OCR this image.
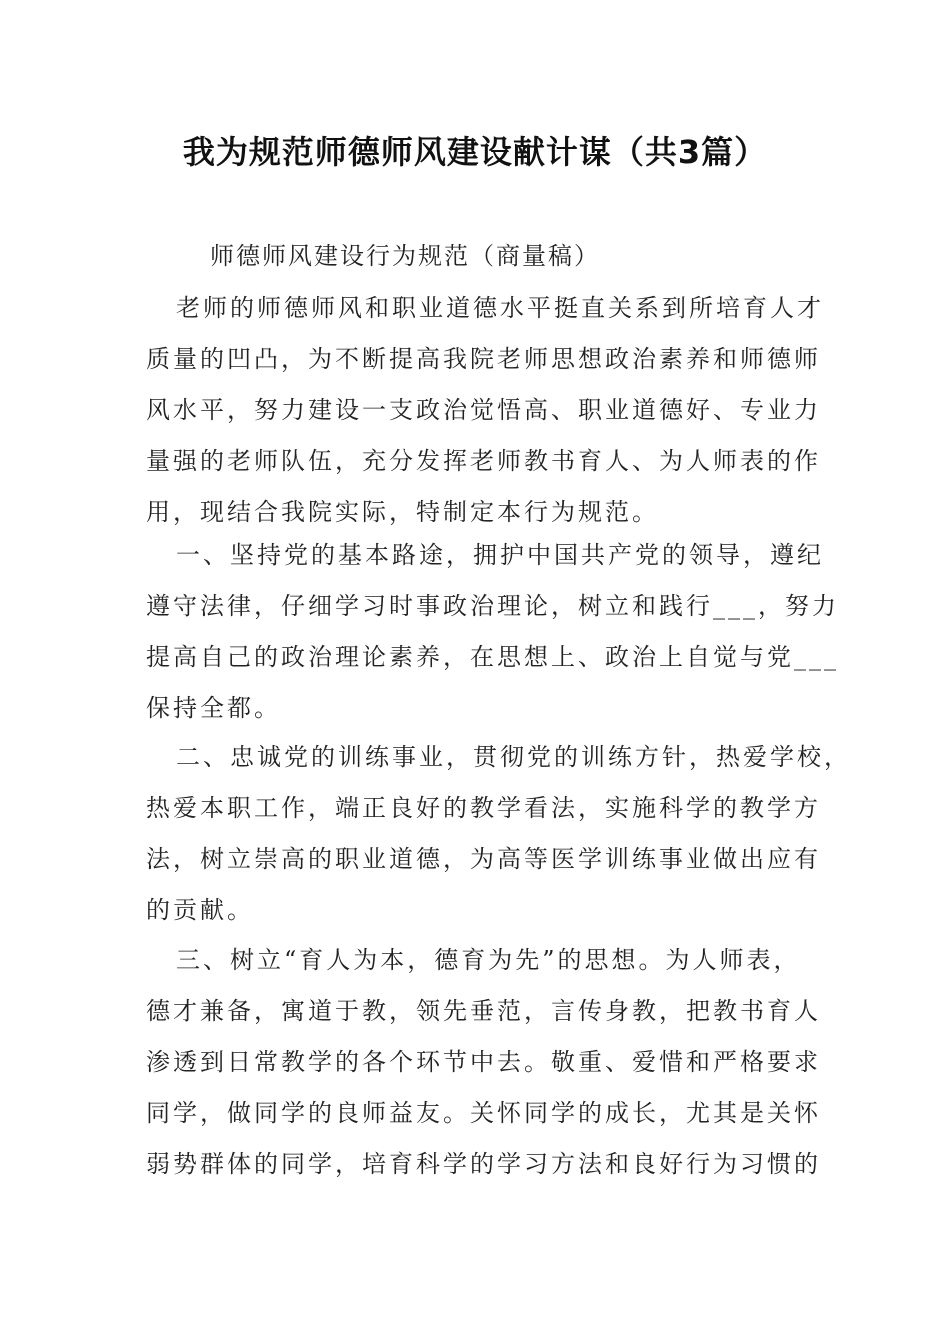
我为规范师德师风建设献计谋（共3篇）
师德师风建设行为规范（商量稿）
老师的师德师风和职业道德水平挺直关系到所培育人才
质量的凹凸，为不断提高我院老师思想政治素养和师德师
风水平，努力建设一支政治觉悟高、职业道德好、专业力
量强的老师队伍，充分发挥老师教书育人、为人师表的作
用，现结合我院实际，特制定本行为规范。
一、坚持党的基本路途，拥护中国共产党的领导，遵纪
遵守法律，仔细学习时事政治理论，树立和践行___，努力
提高自己的政治理论素养，在思想上、政治上自觉与党___
保持全都。
二、忠诚党的训练事业，贯彻党的训练方针，热爱学校，
热爱本职工作，端正良好的教学看法，实施科学的教学方
法，树立崇高的职业道德，为高等医学训练事业做出应有
的贡献。
三、树立“育人为本，德育为先”的思想。为人师表，
德才兼备，寓道于教，领先垂范，言传身教，把教书育人
渗透到日常教学的各个环节中去。敬重、爱惜和严格要求
同学，做同学的良师益友。关怀同学的成长，尤其是关怀
弱势群体的同学，培育科学的学习方法和良好行为习惯的
